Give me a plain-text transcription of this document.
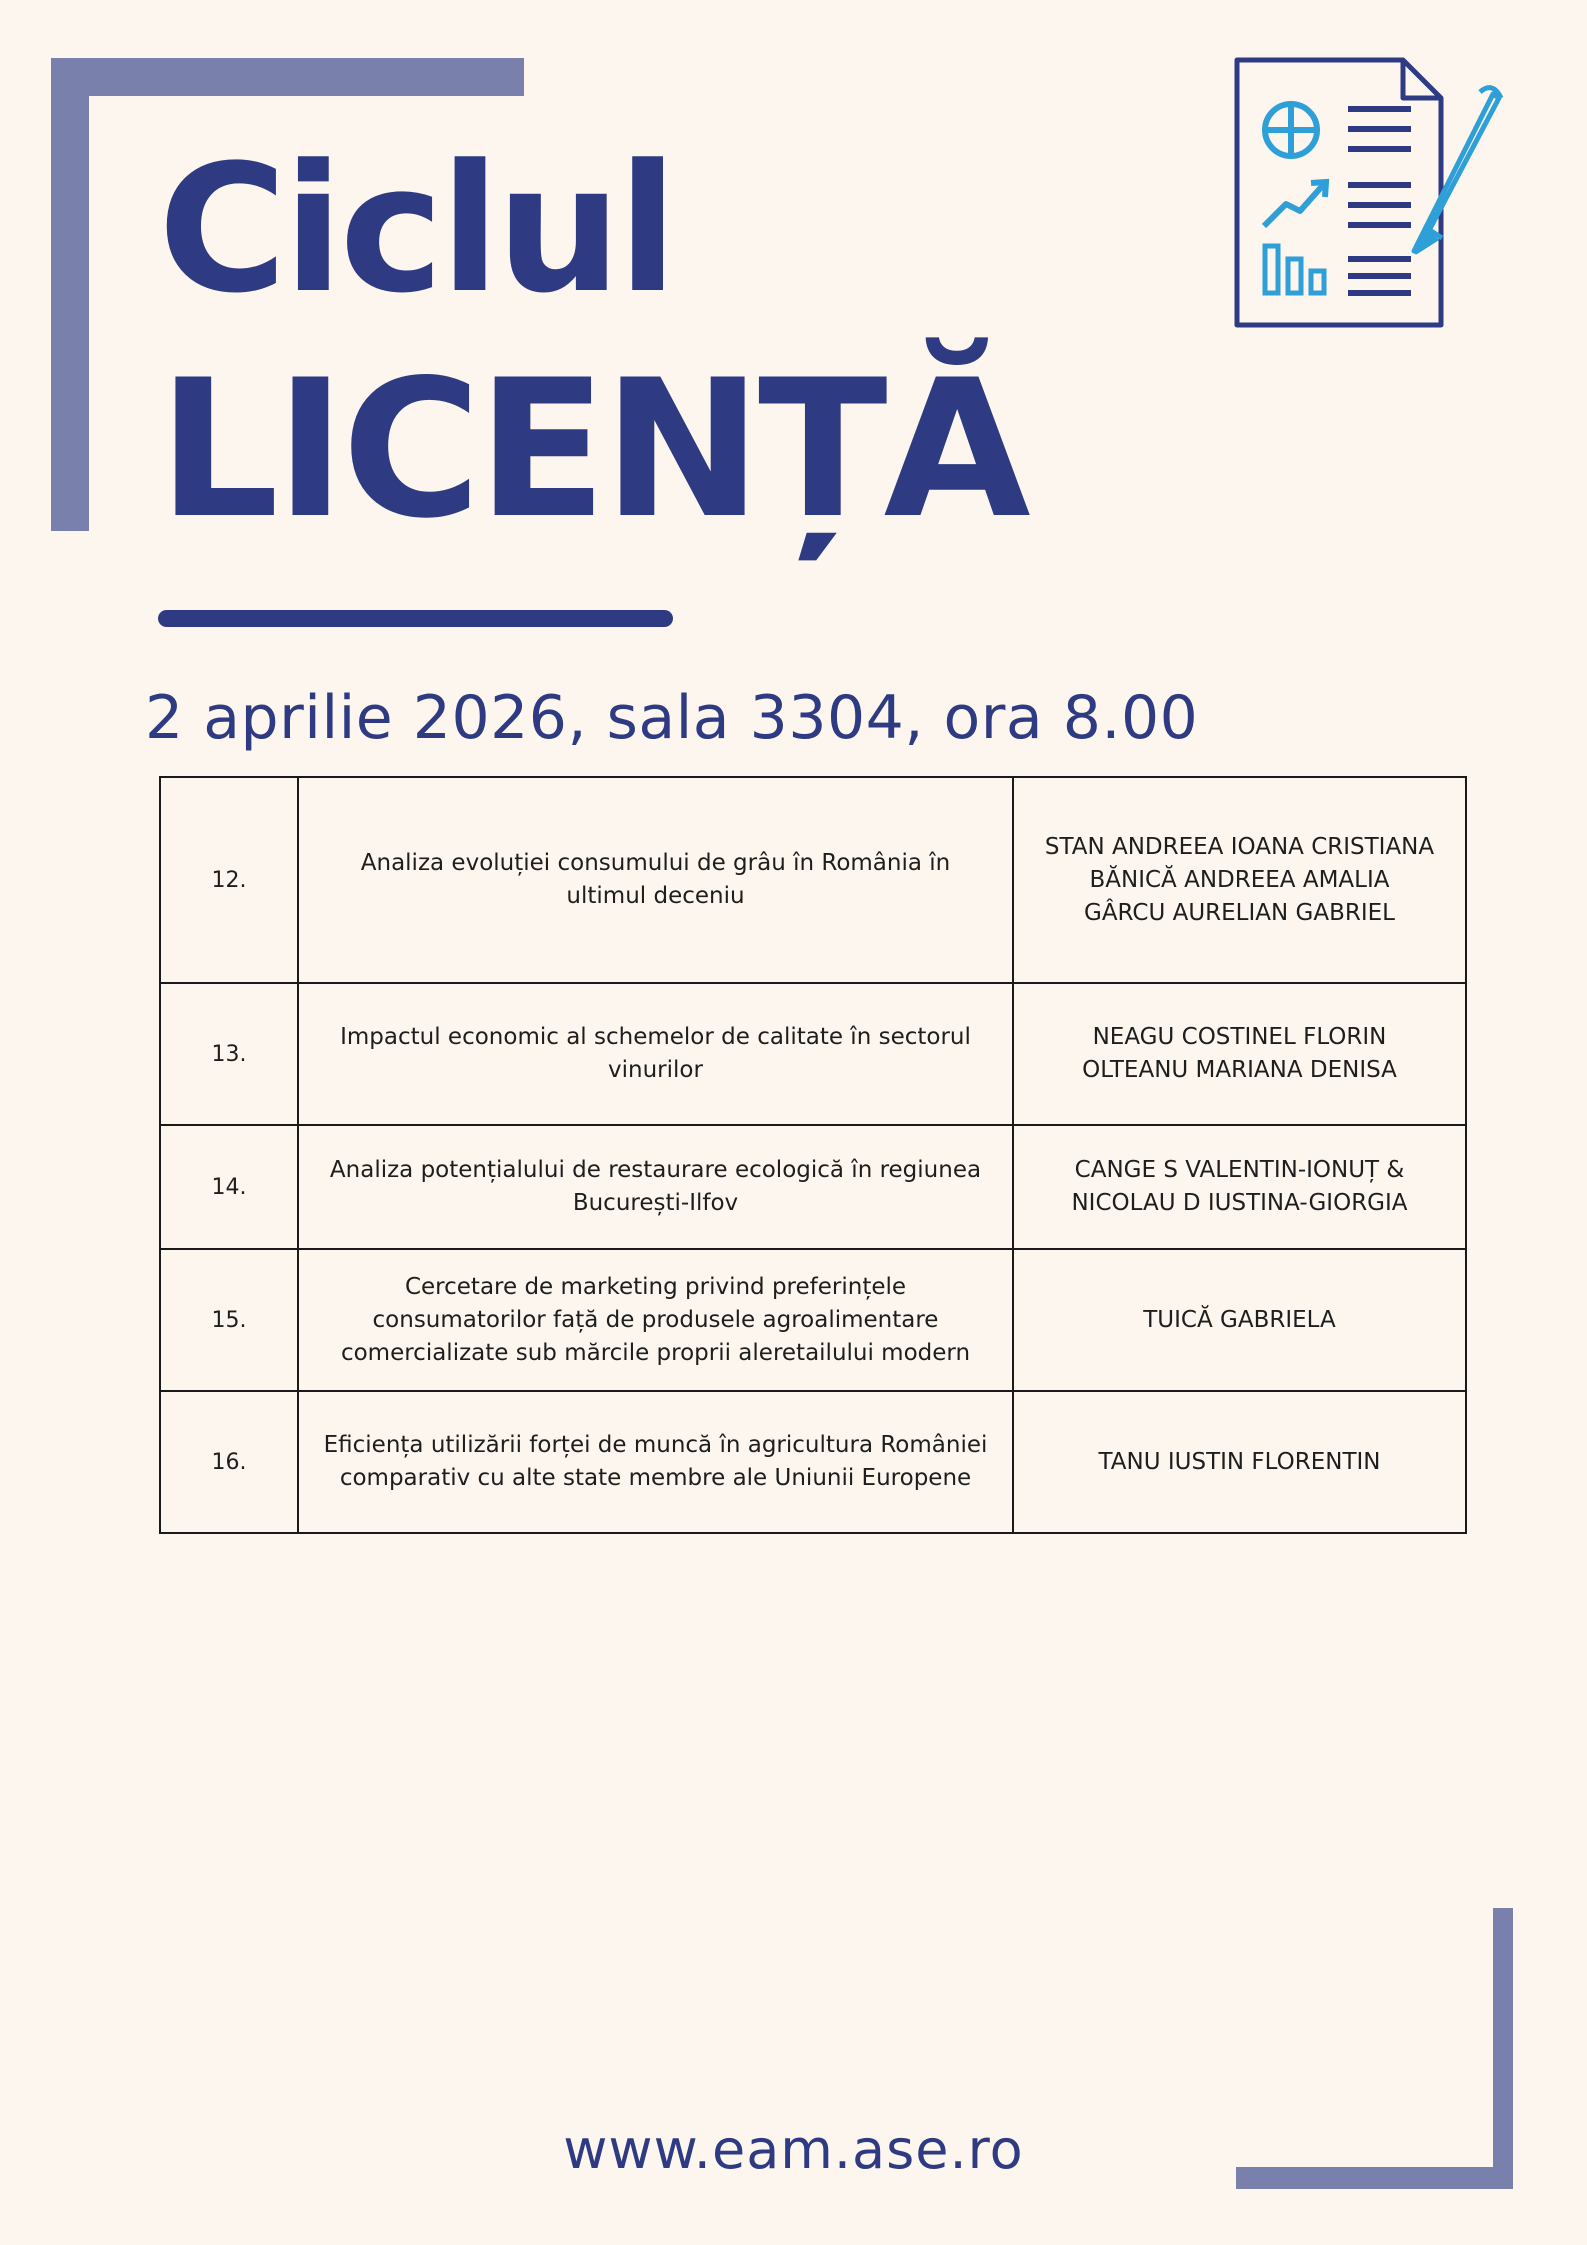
Ciclul
LICENȚĂ
2 aprilie 2026, sala 3304, ora 8.00
12.	Analiza evoluției consumului de grâu în România în ultimul deceniu	STAN ANDREEA IOANA CRISTIANA
BĂNICĂ ANDREEA AMALIA
GÂRCU AURELIAN GABRIEL

13.	Impactul economic al schemelor de calitate în sectorul vinurilor	NEAGU COSTINEL FLORIN
OLTEANU MARIANA DENISA

14.	Analiza potențialului de restaurare ecologică în regiunea București-Ilfov	CANGE S VALENTIN-IONUȚ & NICOLAU D IUSTINA-GIORGIA

15.	Cercetare de marketing privind preferințele consumatorilor față de produsele agroalimentare comercializate sub mărcile proprii aleretailului modern	TUICĂ GABRIELA

16.	Eficiența utilizării forței de muncă în agricultura României comparativ cu alte state membre ale Uniunii Europene	TANU IUSTIN FLORENTIN
www.eam.ase.ro
